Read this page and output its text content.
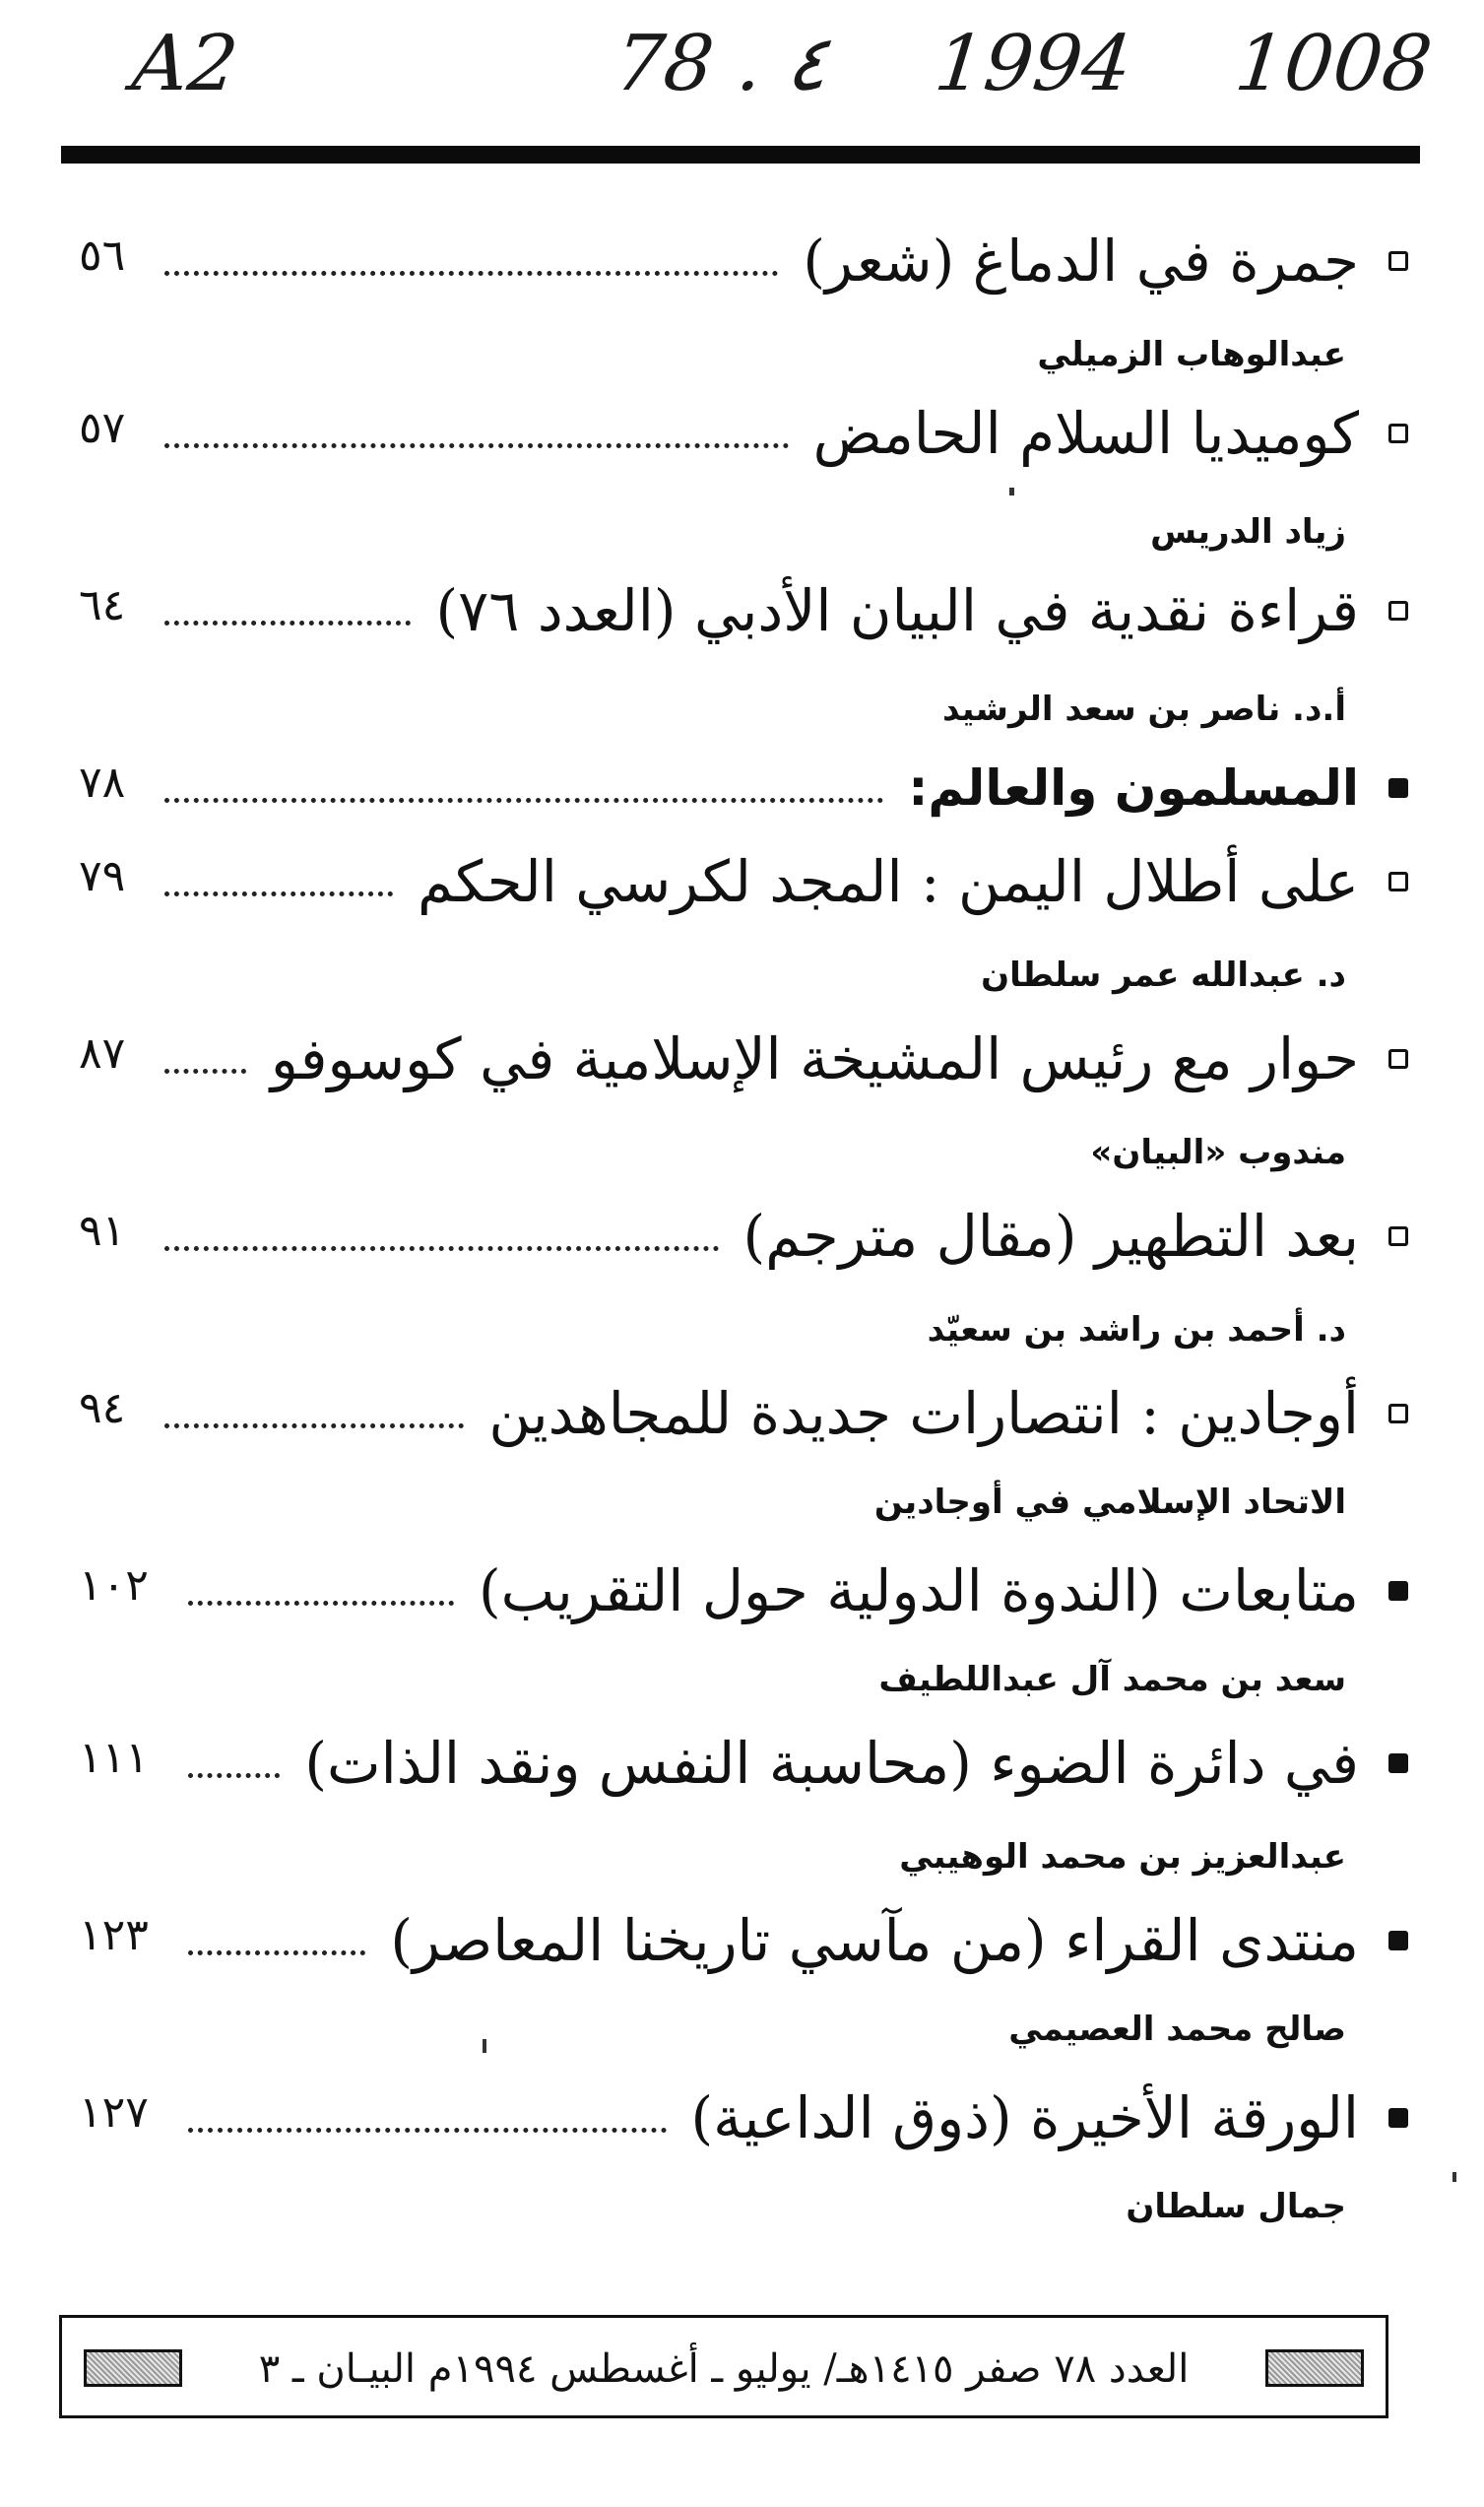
A2	78 . ٤ 1994 1008
جمرة في الدماغ (شعر)
٥٦
عبدالوهاب الزميلي
كوميديا السلام الحامض
٥٧
زياد الدريس
قراءة نقدية في البيان الأدبي (العدد ٧٦)
٦٤
أ.د. ناصر بن سعد الرشيد
المسلمون والعالم:
٧٨
على أطلال اليمن : المجد لكرسي الحكم
٧٩
د. عبدالله عمر سلطان
حوار مع رئيس المشيخة الإسلامية في كوسوفو
٨٧
مندوب «البيان»
بعد التطهير (مقال مترجم)
٩١
د. أحمد بن راشد بن سعيّد
أوجادين : انتصارات جديدة للمجاهدين
٩٤
الاتحاد الإسلامي في أوجادين
متابعات (الندوة الدولية حول التقريب)
١٠٢
سعد بن محمد آل عبداللطيف
في دائرة الضوء (محاسبة النفس ونقد الذات)
١١١
عبدالعزيز بن محمد الوهيبي
منتدى القراء (من مآسي تاريخنا المعاصر)
١٢٣
صالح محمد العصيمي
الورقة الأخيرة (ذوق الداعية)
١٢٧
جمال سلطان
العدد ٧٨ صفر ١٤١٥هـ/ يوليو ـ أغسطس ١٩٩٤م البيـان ـ ٣
